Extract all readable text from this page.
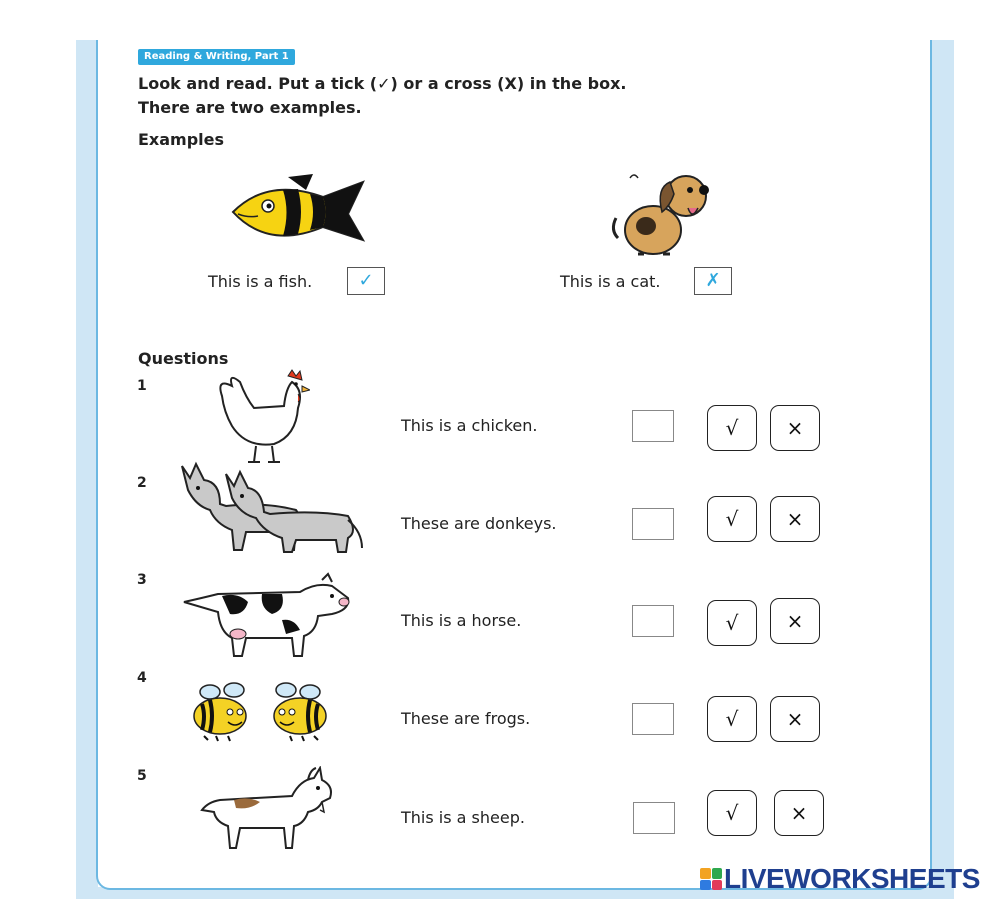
Reading & Writing, Part 1
Look and read. Put a tick (✓) or a cross (X) in the box.
There are two examples.
Examples
This is a fish.	✓	This is a cat.	✗
Questions
1
This is a chicken.	√	×
2
These are donkeys.	√	×
3
This is a horse.	√	×
4
These are frogs.	√	×
5
This is a sheep.	√	×
LIVEWORKSHEETS
